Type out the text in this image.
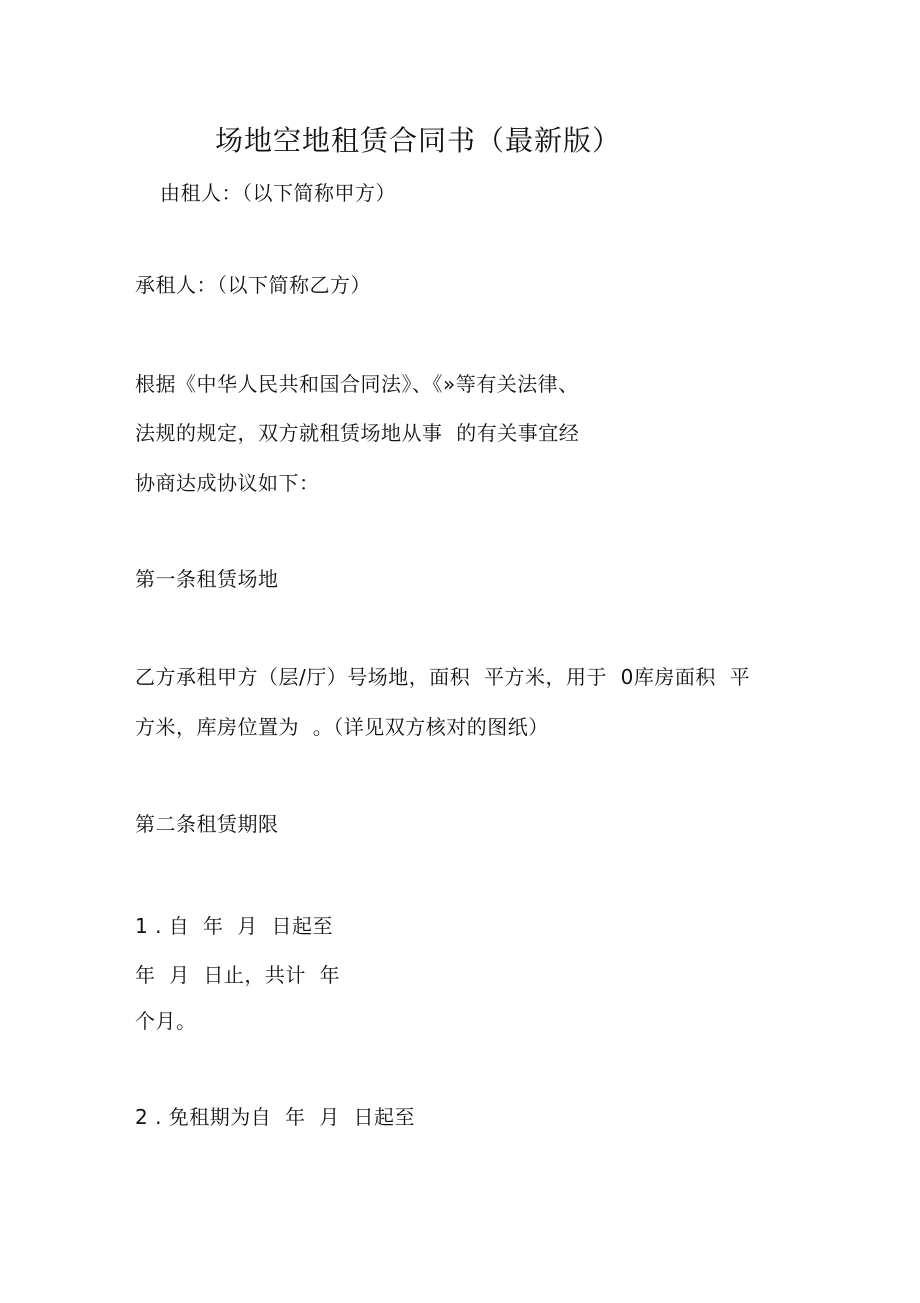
场地空地租赁合同书（最新版）
由租人：（以下简称甲方）
承租人：（以下简称乙方）
根据《中华人民共和国合同法》、《»等有关法律、
法规的规定，双方就租赁场地从事  的有关事宜经
协商达成协议如下：
第一条租赁场地
乙方承租甲方（层/厅）号场地，面积  平方米，用于  0库房面积  平
方米，库房位置为  。（详见双方核对的图纸）
第二条租赁期限
1 . 自  年  月  日起至
年  月  日止，共计  年
个月。
2 . 免租期为自  年  月  日起至
